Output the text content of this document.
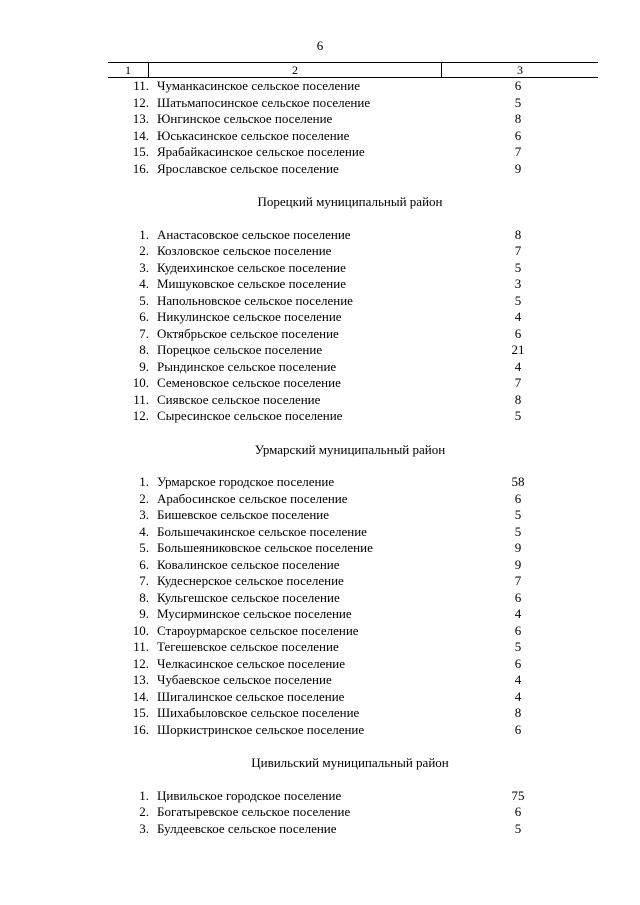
6
1	2	3
11. Чуманкасинское сельское поселение	6
12. Шатьмапосинское сельское поселение	5
13. Юнгинское сельское поселение	8
14. Юськасинское сельское поселение	6
15. Ярабайкасинское сельское поселение	7
16. Ярославское сельское поселение	9
Порецкий муниципальный район
1. Анастасовское сельское поселение	8
2. Козловское сельское поселение	7
3. Кудеихинское сельское поселение	5
4. Мишуковское сельское поселение	3
5. Напольновское сельское поселение	5
6. Никулинское сельское поселение	4
7. Октябрьское сельское поселение	6
8. Порецкое сельское поселение	21
9. Рындинское сельское поселение	4
10. Семеновское сельское поселение	7
11. Сиявское сельское поселение	8
12. Сыресинское сельское поселение	5
Урмарский муниципальный район
1. Урмарское городское поселение	58
2. Арабосинское сельское поселение	6
3. Бишевское сельское поселение	5
4. Большечакинское сельское поселение	5
5. Большеяниковское сельское поселение	9
6. Ковалинское сельское поселение	9
7. Кудеснерское сельское поселение	7
8. Кульгешское сельское поселение	6
9. Мусирминское сельское поселение	4
10. Староурмарское сельское поселение	6
11. Тегешевское сельское поселение	5
12. Челкасинское сельское поселение	6
13. Чубаевское сельское поселение	4
14. Шигалинское сельское поселение	4
15. Шихабыловское сельское поселение	8
16. Шоркистринское сельское поселение	6
Цивильский муниципальный район
1. Цивильское городское поселение	75
2. Богатыревское сельское поселение	6
3. Булдеевское сельское поселение	5
